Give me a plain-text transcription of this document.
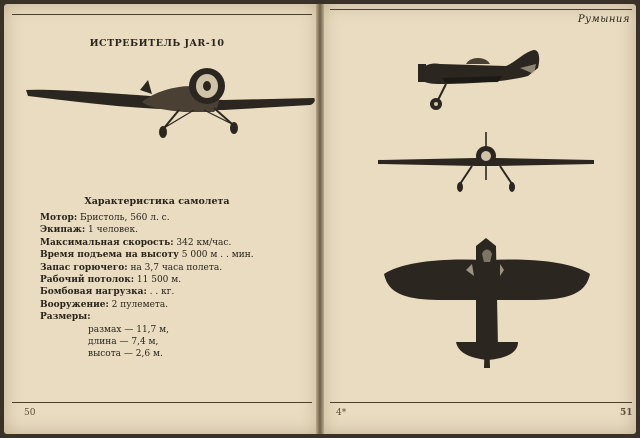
ИСТРЕБИТЕЛЬ JAR-10
Характеристика самолета
Мотор: Бристоль, 560 л. с.
Экипаж: 1 человек.
Максимальная скорость: 342 км/час.
Время подъема на высоту 5 000 м . . мин.
Запас горючего: на 3,7 часа полета.
Рабочий потолок: 11 500 м.
Бомбовая нагрузка: . . кг.
Вооружение: 2 пулемета.
Размеры:
размах — 11,7 м,
длина — 7,4 м,
высота — 2,6 м.
50
Румыния
4*	51
